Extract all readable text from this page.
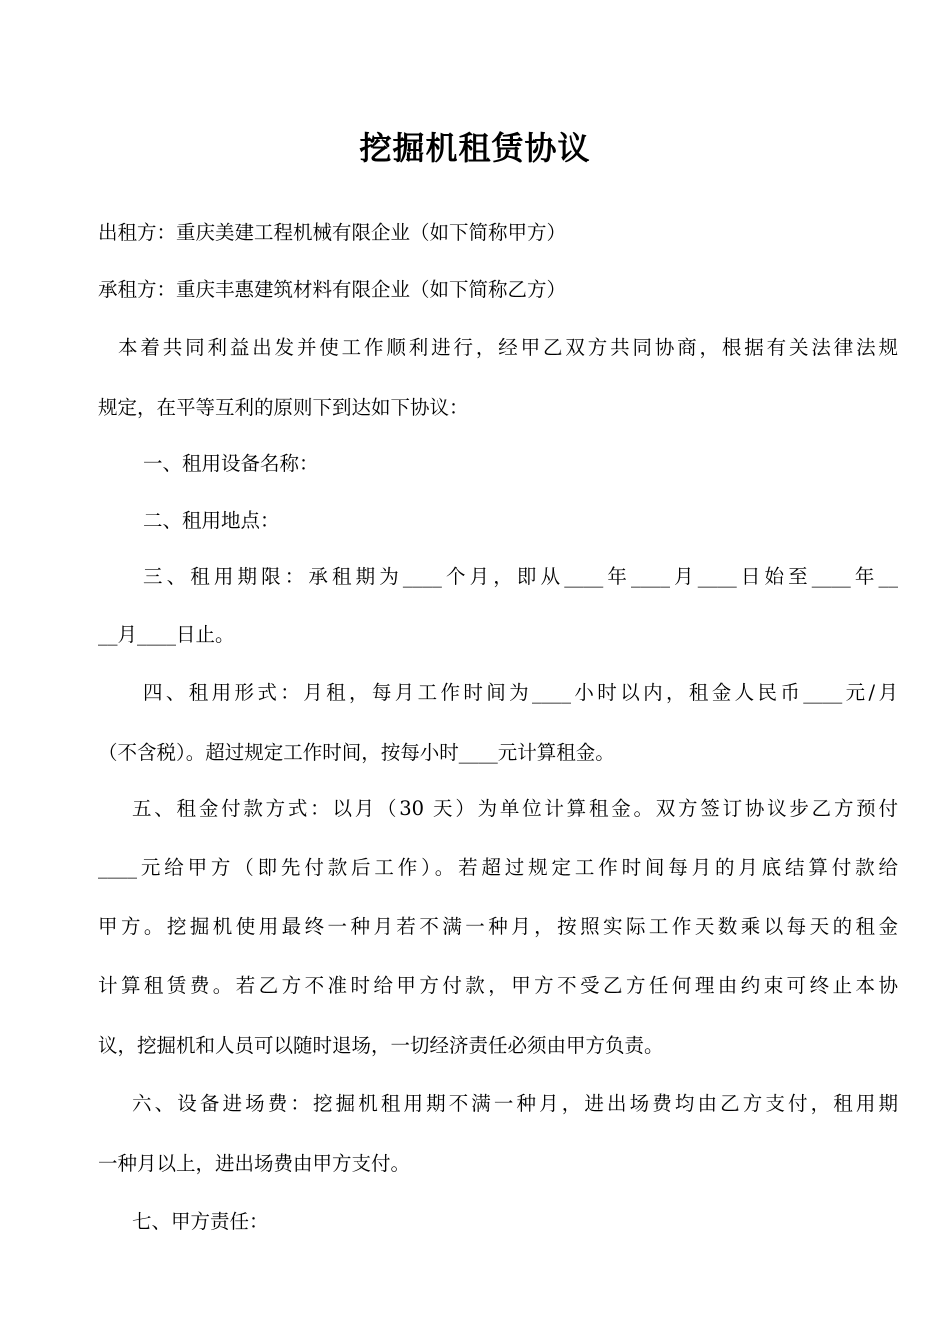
挖掘机租赁协议
出租方：重庆美建工程机械有限企业（如下简称甲方）
承租方：重庆丰惠建筑材料有限企业（如下简称乙方）
本着共同利益出发并使工作顺利进行，经甲乙双方共同协商，根据有关法律法规
规定，在平等互利的原则下到达如下协议：
一、租用设备名称：
二、租用地点：
三、租用期限：承租期为____个月，即从____年____月____日始至____年__
__月____日止。
四、租用形式：月租，每月工作时间为____小时以内，租金人民币____元/月
（不含税）。超过规定工作时间，按每小时____元计算租金。
五、租金付款方式：以月（30 天）为单位计算租金。双方签订协议步乙方预付
____元给甲方（即先付款后工作）。若超过规定工作时间每月的月底结算付款给
甲方。挖掘机使用最终一种月若不满一种月，按照实际工作天数乘以每天的租金
计算租赁费。若乙方不准时给甲方付款，甲方不受乙方任何理由约束可终止本协
议，挖掘机和人员可以随时退场，一切经济责任必须由甲方负责。
六、设备进场费：挖掘机租用期不满一种月，进出场费均由乙方支付，租用期
一种月以上，进出场费由甲方支付。
七、甲方责任：
